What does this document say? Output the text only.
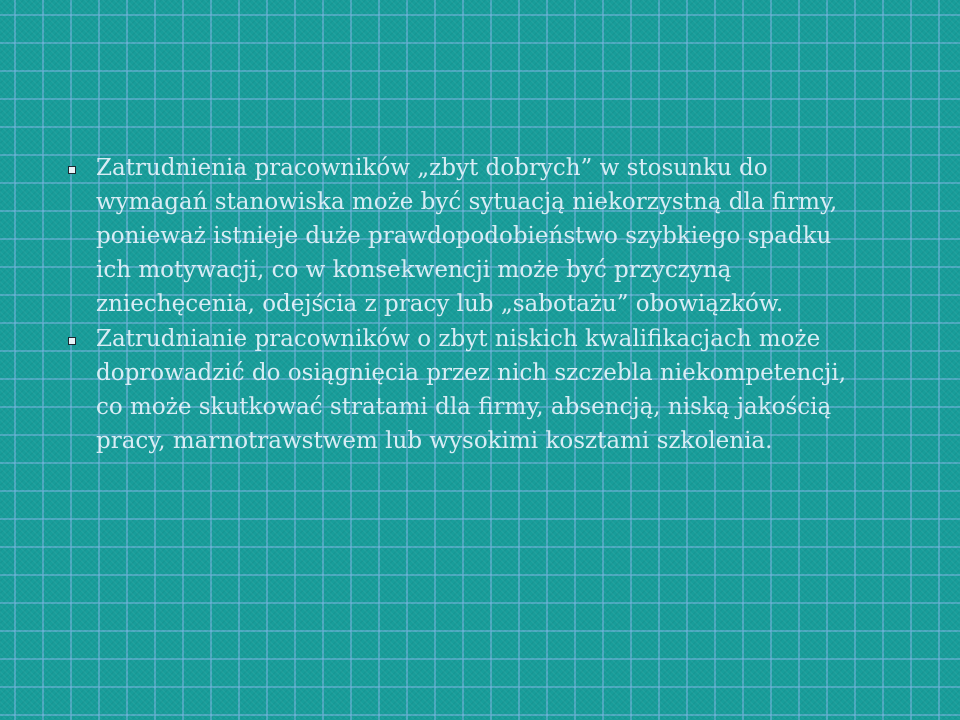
Zatrudnienia pracowników „zbyt dobrych” w stosunku do wymagań stanowiska może być sytuacją niekorzystną dla firmy, ponieważ istnieje duże prawdopodobieństwo szybkiego spadku ich motywacji, co w konsekwencji może być przyczyną zniechęcenia, odejścia z pracy lub „sabotażu” obowiązków.
Zatrudnianie pracowników o zbyt niskich kwalifikacjach może doprowadzić do osiągnięcia przez nich szczebla niekompetencji, co może skutkować stratami dla firmy, absencją, niską jakością pracy, marnotrawstwem lub wysokimi kosztami szkolenia.
